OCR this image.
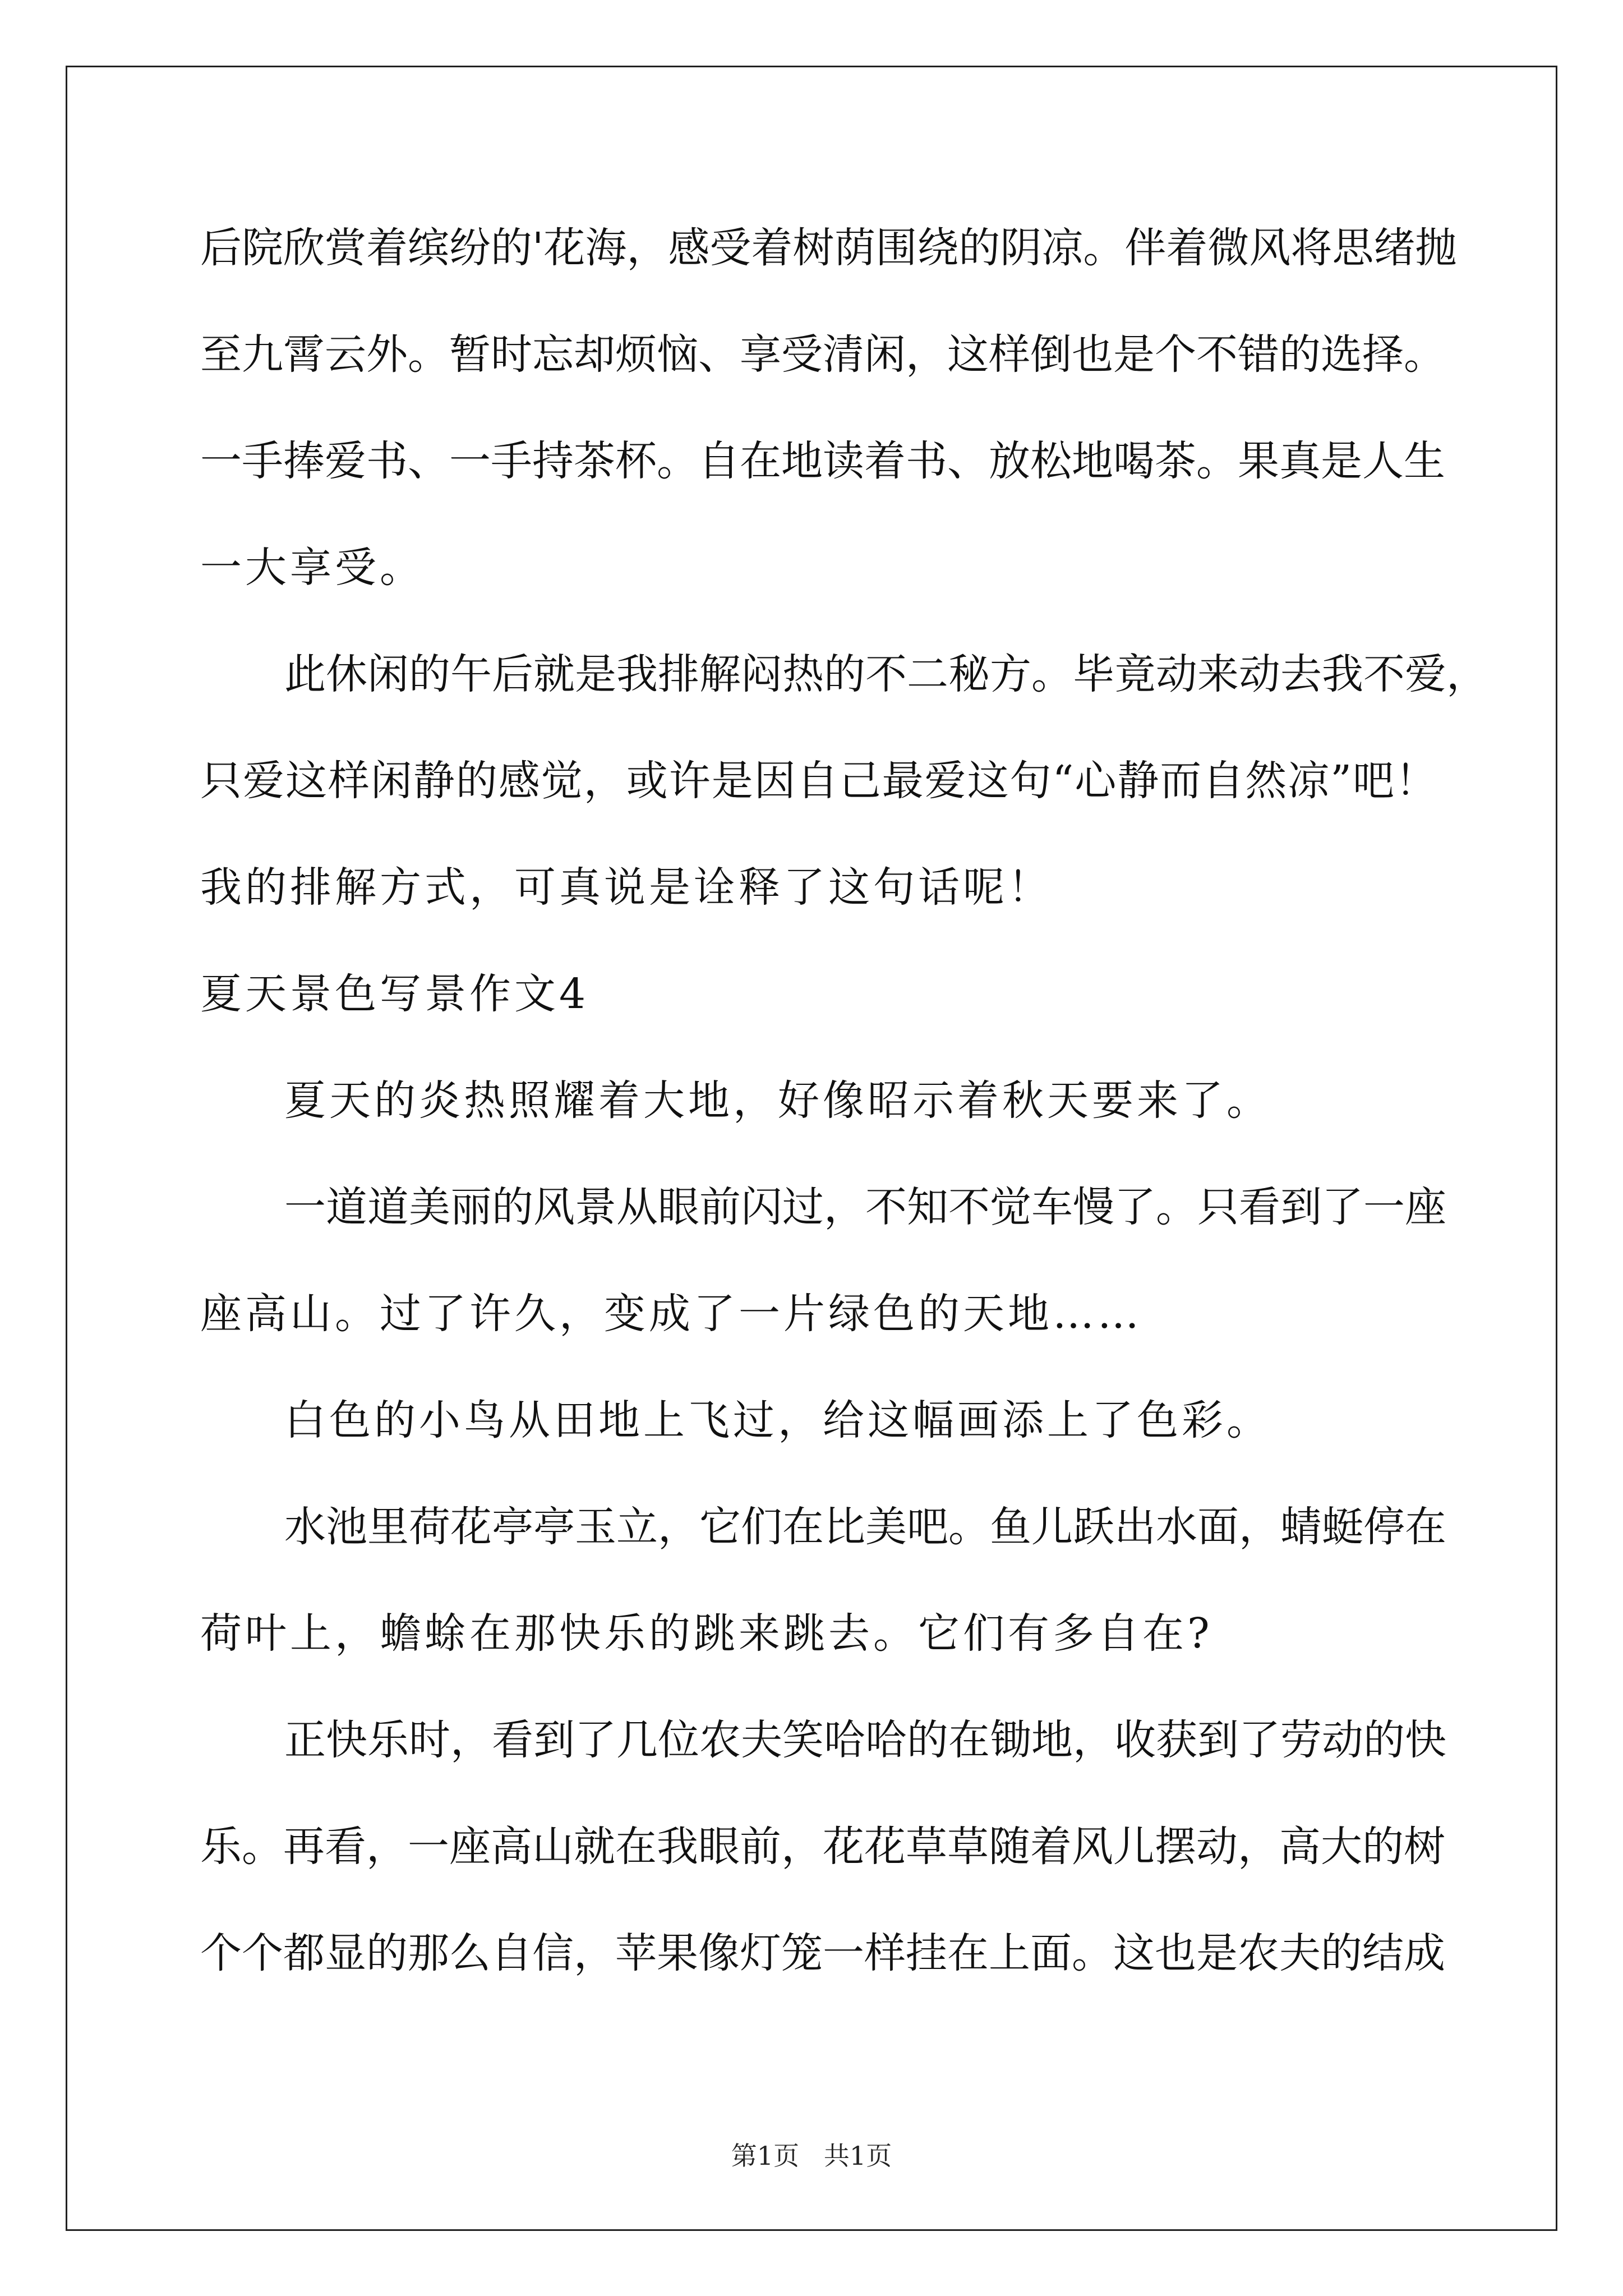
后院欣赏着缤纷的'花海，感受着树荫围绕的阴凉。伴着微风将思绪抛
至九霄云外。暂时忘却烦恼、享受清闲，这样倒也是个不错的选择。
一手捧爱书、一手持茶杯。自在地读着书、放松地喝茶。果真是人生
一大享受。
此休闲的午后就是我排解闷热的不二秘方。毕竟动来动去我不爱，
只爱这样闲静的感觉，或许是因自己最爱这句“心静而自然凉”吧！
我的排解方式，可真说是诠释了这句话呢！
夏天景色写景作文4
夏天的炎热照耀着大地，好像昭示着秋天要来了。
一道道美丽的风景从眼前闪过，不知不觉车慢了。只看到了一座
座高山。过了许久，变成了一片绿色的天地……
白色的小鸟从田地上飞过，给这幅画添上了色彩。
水池里荷花亭亭玉立，它们在比美吧。鱼儿跃出水面，蜻蜓停在
荷叶上，蟾蜍在那快乐的跳来跳去。它们有多自在?
正快乐时，看到了几位农夫笑哈哈的在锄地，收获到了劳动的快
乐。再看，一座高山就在我眼前，花花草草随着风儿摆动，高大的树
个个都显的那么自信，苹果像灯笼一样挂在上面。这也是农夫的结成
第1页   共1页
